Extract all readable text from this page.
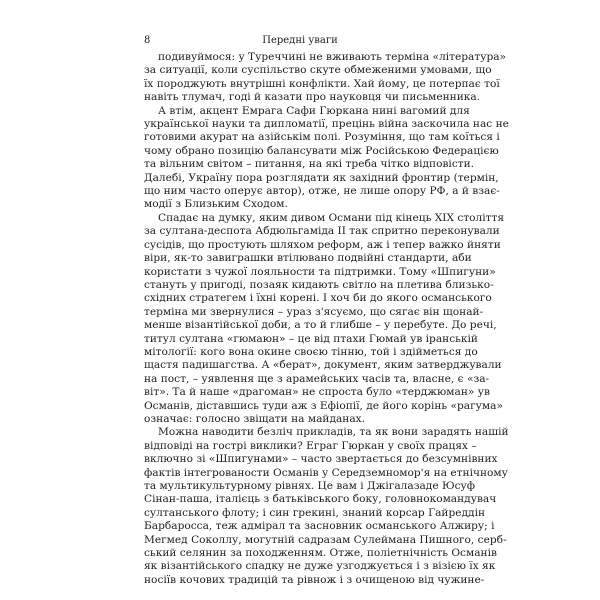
8	Передні уваги
подивуймося: у Туреччині не вживають терміна «література»
за ситуації, коли суспільство скуте обмеженими умовами, що
їх породжують внутрішні конфлікти. Хай йому, це потерпає тої
навіть тлумач, годі й казати про науковця чи письменника.
А втім, акцент Емрага Сафи Гюркана нині вагомий для
української науки та дипломатії, прецінь війна заскочила нас не
готовими акурат на азійськім полі. Розуміння, що там коїться і
чому обрано позицію балансувати між Російською Федерацією
та вільним світом – питання, на які треба чітко відповісти.
Далебі, Україну пора розглядати як західний фронтир (термін,
що ним часто оперує автор), отже, не лише опору РФ, а й взає-
модії з Близьким Сходом.
Спадає на думку, яким дивом Османи під кінець XIX століття
за султана-деспота Абдюльгаміда II так спритно переконували
сусідів, що простують шляхом реформ, аж і тепер важко йняти
віри, як-то завиграшки втілювано подвійні стандарти, аби
користати з чужої лояльности та підтримки. Тому «Шпигуни»
стануть у пригоді, позаяк кидають світло на плетива близько-
східних стратегем і їхні корені. І хоч би до якого османського
терміна ми звернулися – ураз з'ясуємо, що сягає він щонай-
менше візантійської доби, а то й глибше – у перебуте. До речі,
титул султана «гюмаюн» – це від птахи Гюмай ув іранській
мітології: кого вона окине своєю тінню, той і здійметься до
щастя падишагства. А «берат», документ, яким затверджували
на пост, – уявлення ще з арамейських часів та, власне, є «за-
віт». Та й наше «драгоман» не спроста було «терджюман» ув
Османів, діставшись туди аж з Ефіопії, де його корінь «рагума»
означає: голосно звіщати на майданах.
Можна наводити безліч прикладів, та як вони зарадять нашій
відповіді на гострі виклики? Еграг Гюркан у своїх працях –
включно зі «Шпигунами» – часто звертається до безсумнівних
фактів інтегрованости Османів у Середземномор'я на етнічному
та мультикультурному рівнях. Це вам і Джігалазаде Юсуф
Сінан-паша, італієць з батьківського боку, головнокомандувач
султанського флоту; і син грекині, знаний корсар Гайреддін
Барбаросса, теж адмірал та засновник османського Алжиру; і
Мегмед Соколлу, могутній садразам Сулеймана Пишного, серб-
ський селянин за походженням. Отже, поліетнічність Османів
як візантійського спадку не дуже узгоджується і з візією їх як
носіїв кочових традицій та рівнож і з очищеною від чужинe-
